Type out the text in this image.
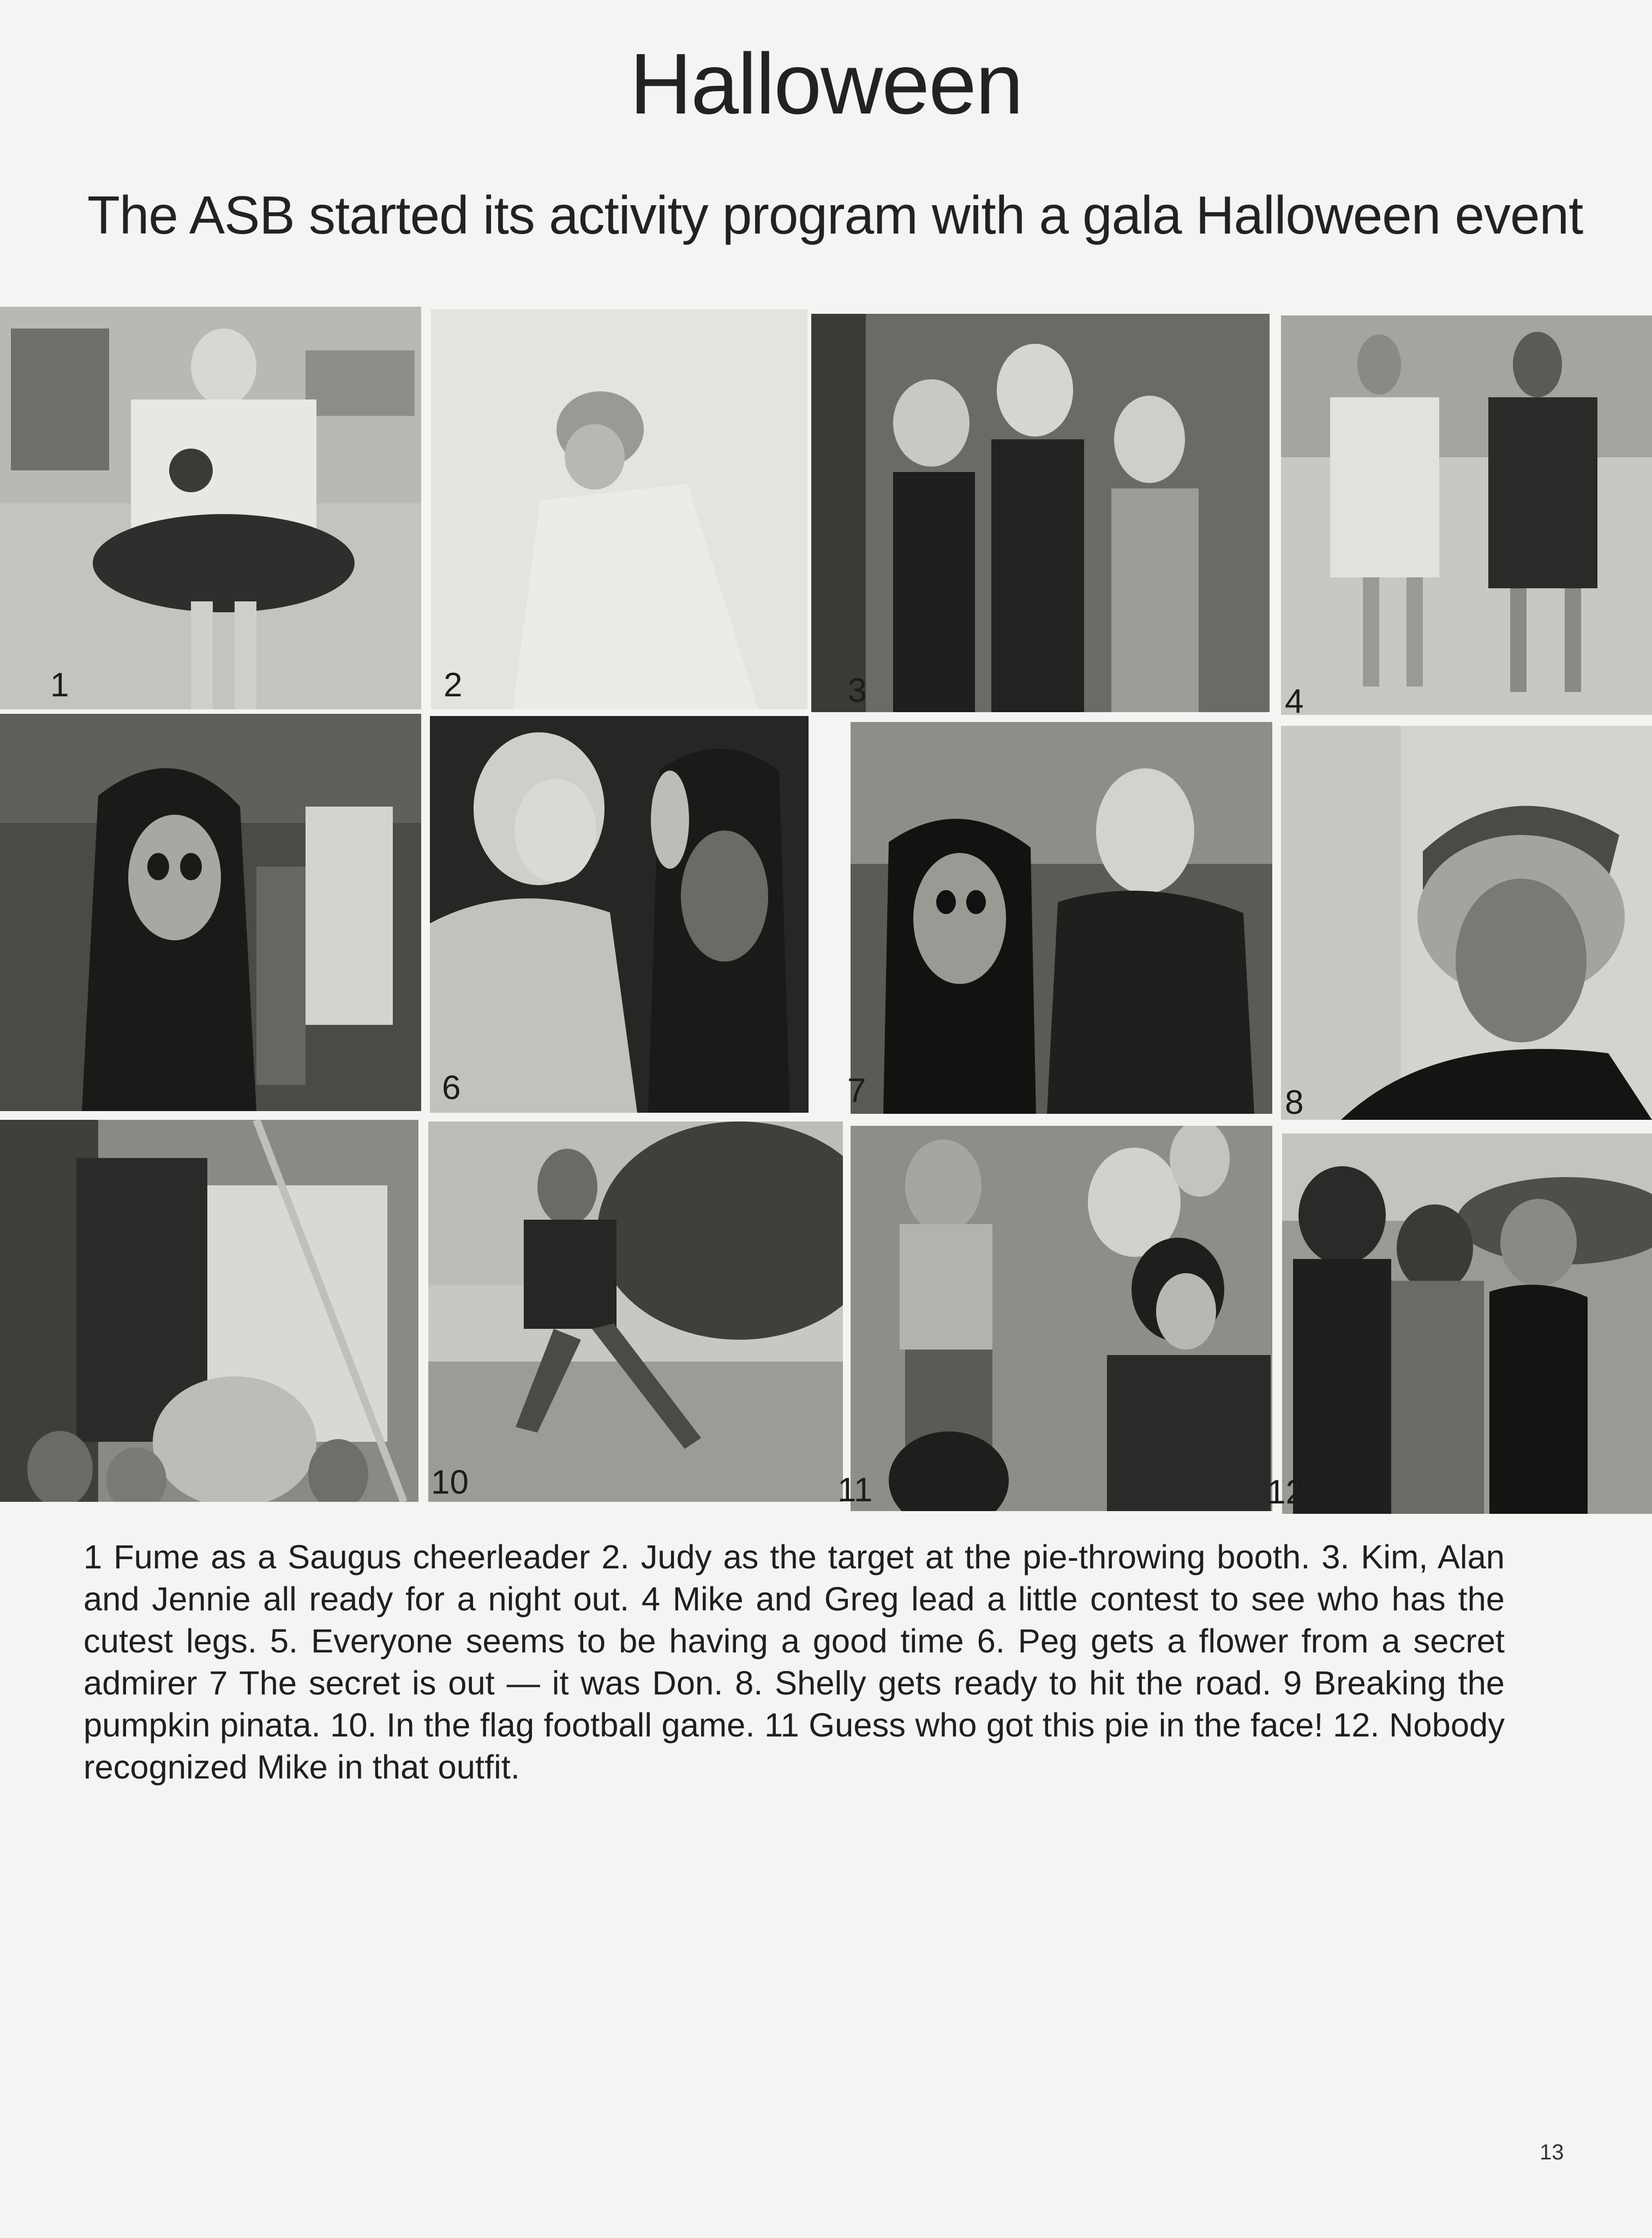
Halloween
The ASB started its activity program with a gala Halloween event
1	2	3	4
6	7	8
10	11	12

1 Fume as a Saugus cheerleader 2. Judy as the target at the pie-throwing booth. 3. Kim, Alan and Jennie all ready for a night out. 4 Mike and Greg lead a little contest to see who has the cutest legs. 5. Everyone seems to be having a good time 6. Peg gets a flower from a secret admirer 7 The secret is out — it was Don. 8. Shelly gets ready to hit the road. 9 Breaking the pumpkin pinata. 10. In the flag football game. 11 Guess who got this pie in the face! 12. Nobody recognized Mike in that outfit.

13
